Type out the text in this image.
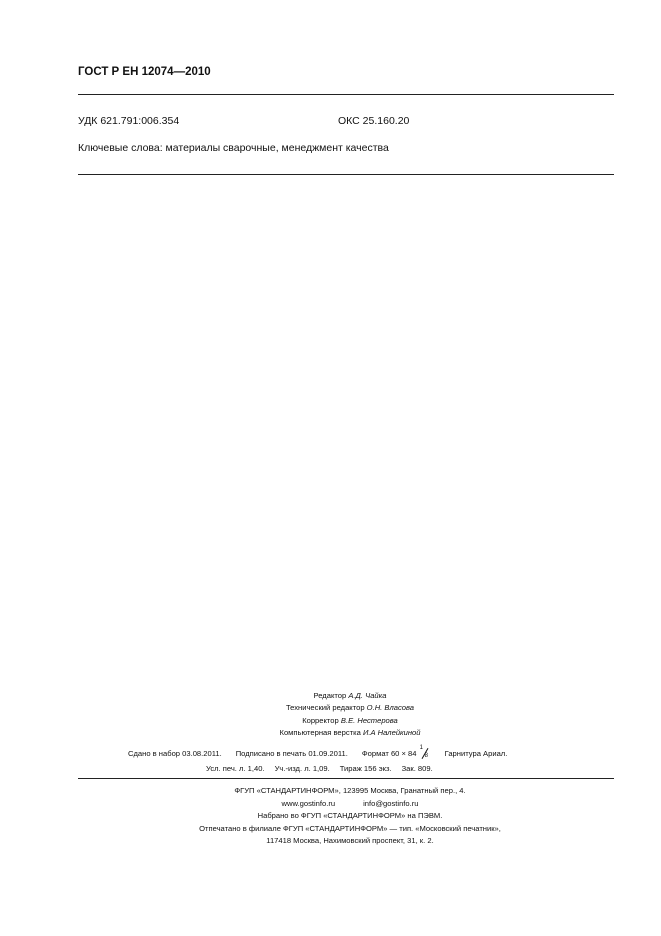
ГОСТ Р ЕН 12074—2010
УДК 621.791:006.354	ОКС 25.160.20
Ключевые слова: материалы сварочные, менеджмент качества
Редактор А.Д. Чайка
Технический редактор О.Н. Власова
Корректор В.Е. Нестерова
Компьютерная верстка И.А Налейкиной
Сдано в набор 03.08.2011. Подписано в печать 01.09.2011. Формат 60 × 84
1
8 Гарнитура Ариал.
Усл. печ. л. 1,40. Уч.-изд. л. 1,09. Тираж 156 экз. Зак. 809.
ФГУП «СТАНДАРТИНФОРМ», 123995 Москва, Гранатный пер., 4.
www.gostinfo.ru	info@gostinfo.ru
Набрано во ФГУП «СТАНДАРТИНФОРМ» на ПЭВМ.
Отпечатано в филиале ФГУП «СТАНДАРТИНФОРМ» — тип. «Московский печатник»,
117418 Москва, Нахимовский проспект, 31, к. 2.
